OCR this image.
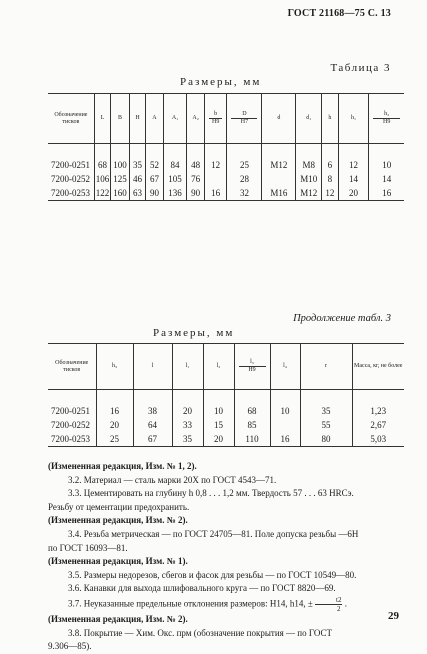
ГОСТ 21168—75 С. 13
Таблица 3
Размеры, мм
Обозначение тисков	L	B	H	A	A₁	A₂	b
H9	D
H7	d	d₁	h	h₁	h₂
H9

7200-0251	68	100	35	52	84	48	12	25	M12	M8	6	12	10
7200-0252	106	125	46	67	105	76		28		M10	8	14	14
7200-0253	122	160	63	90	136	90	16	32	M16	M12	12	20	16
Продолжение табл. 3
Размеры, мм
Обозначение тисков	h₃	l	l₁	l₂	l₃
H9	l₄	r	Масса, кг, не более

7200-0251	16	38	20	10	68	10	35	1,23
7200-0252	20	64	33	15	85		55	2,67
7200-0253	25	67	35	20	110	16	80	5,03

(Измененная редакция, Изм. № 1, 2).

3.2. Материал — сталь марки 20Х по ГОСТ 4543—71.

3.3. Цементировать на глубину h 0,8 . . . 1,2 мм. Твердость 57 . . . 63 HRCэ.

Резьбу от цементации предохранить.

(Измененная редакция, Изм. № 2).

3.4. Резьба метрическая — по ГОСТ 24705—81. Поле допуска резьбы —6H

по ГОСТ 16093—81.

(Измененная редакция, Изм. № 1).

3.5. Размеры недорезов, сбегов и фасок для резьбы — по ГОСТ 10549—80.

3.6. Канавки для выхода шлифовального круга — по ГОСТ 8820—69.

3.7. Неуказанные предельные отклонения размеров: H14, h14, ± $\frac{t2}{2}$ .

(Измененная редакция, Изм. № 2).

3.8. Покрытие — Хим. Окс. прм (обозначение покрытия — по ГОСТ

9.306—85).

29
